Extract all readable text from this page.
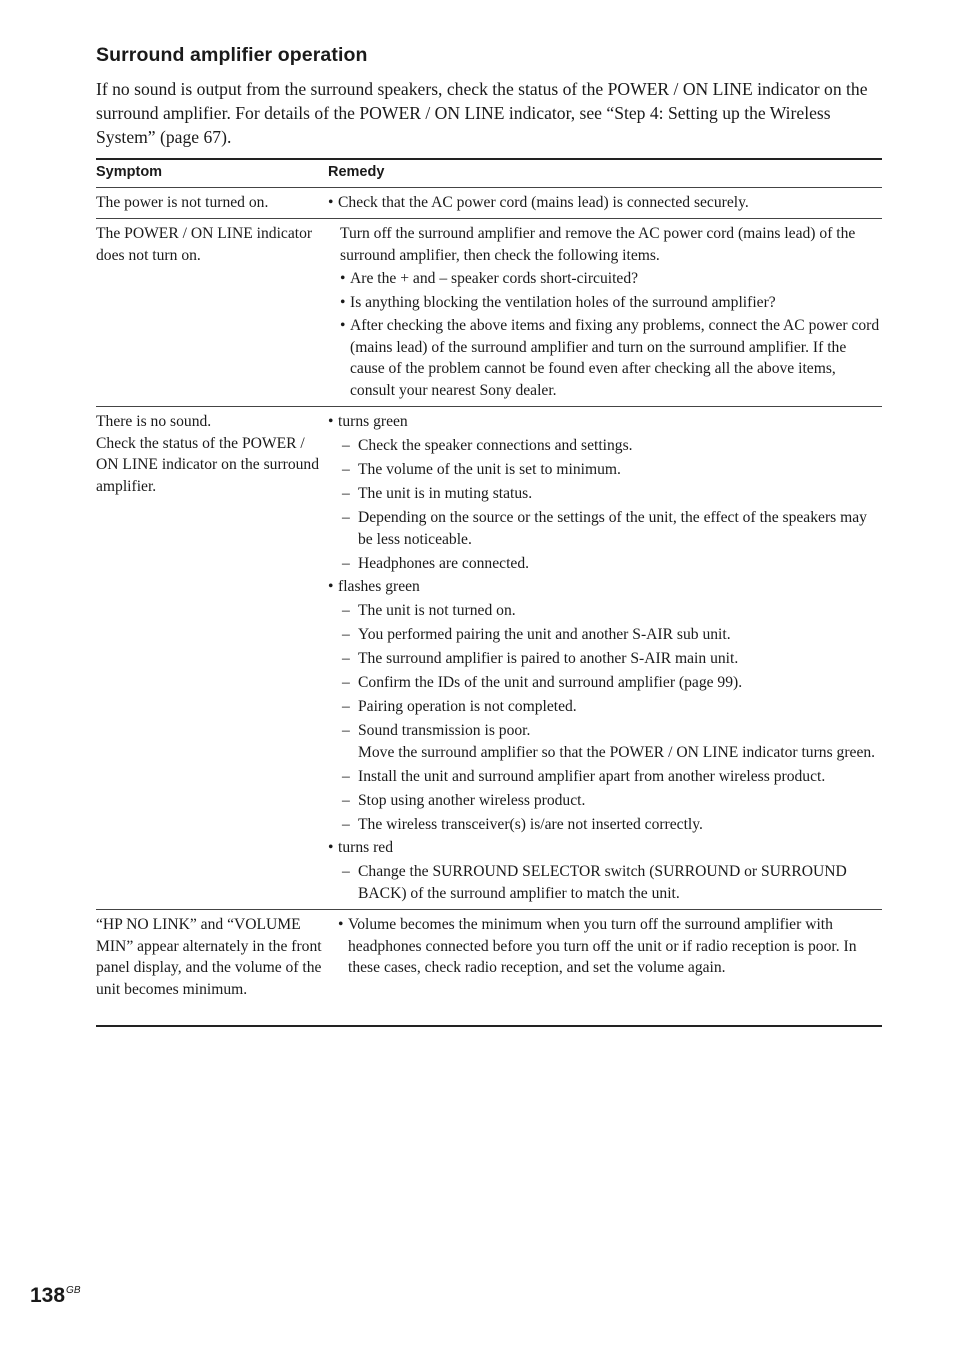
Surround amplifier operation

If no sound is output from the surround speakers, check the status of the POWER / ON LINE indicator on the surround amplifier. For details of the POWER / ON LINE indicator, see “Step 4: Setting up the Wireless System” (page 67).

Symptom	Remedy
The power is not turned on.
•	Check that the AC power cord (mains lead) is connected securely.
The POWER / ON LINE indicator does not turn on.

Turn off the surround amplifier and remove the AC power cord (mains lead) of the surround amplifier, then check the following items.

• Are the + and – speaker cords short-circuited?
• Is anything blocking the ventilation holes of the surround amplifier?
• After checking the above items and fixing any problems, connect the AC power cord (mains lead) of the surround amplifier and turn on the surround amplifier. If the cause of the problem cannot be found even after checking all the above items, consult your nearest Sony dealer.
There is no sound.
Check the status of the POWER / ON LINE indicator on the surround amplifier.
• turns green
– Check the speaker connections and settings.
– The volume of the unit is set to minimum.
– The unit is in muting status.
– Depending on the source or the settings of the unit, the effect of the speakers may be less noticeable.
– Headphones are connected.
• flashes green
– The unit is not turned on.
– You performed pairing the unit and another S-AIR sub unit.
– The surround amplifier is paired to another S-AIR main unit.
– Confirm the IDs of the unit and surround amplifier (page 99).
– Pairing operation is not completed.
– Sound transmission is poor.
Move the surround amplifier so that the POWER / ON LINE indicator turns green.
– Install the unit and surround amplifier apart from another wireless product.
– Stop using another wireless product.
– The wireless transceiver(s) is/are not inserted correctly.
• turns red
– Change the SURROUND SELECTOR switch (SURROUND or SURROUND BACK) of the surround amplifier to match the unit.
“HP NO LINK” and “VOLUME MIN” appear alternately in the front panel display, and the volume of the unit becomes minimum.
• Volume becomes the minimum when you turn off the surround amplifier with headphones connected before you turn off the unit or if radio reception is poor. In these cases, check radio reception, and set the volume again.
$138^{GB}$
